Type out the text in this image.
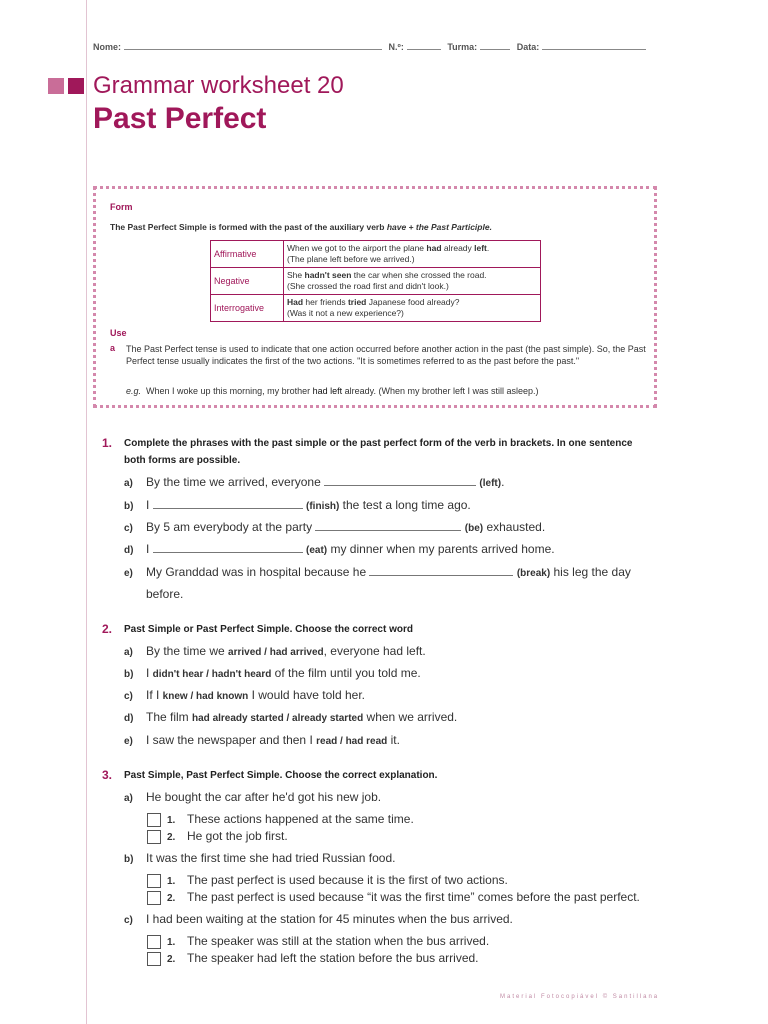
Nome:	N.º:	Turma:	Data:
Grammar worksheet 20
Past Perfect
Form
The Past Perfect Simple is formed with the past of the auxiliary verb have + the Past Participle.
Affirmative	When we got to the airport the plane had already left.
(The plane left before we arrived.)
Negative	She hadn't seen the car when she crossed the road.
(She crossed the road first and didn't look.)
Interrogative	Had her friends tried Japanese food already?
(Was it not a new experience?)
Use
a The Past Perfect tense is used to indicate that one action occurred before another action in the past (the past simple). So, the Past Perfect tense usually indicates the first of the two actions. "It is sometimes referred to as the past before the past."
e.g. When I woke up this morning, my brother had left already. (When my brother left I was still asleep.)
1. Complete the phrases with the past simple or the past perfect form of the verb in brackets. In one sentence both forms are possible.
a) By the time we arrived, everyone	(left).
b) I	(finish) the test a long time ago.
c) By 5 am everybody at the party	(be) exhausted.
d) I	(eat) my dinner when my parents arrived home.
e) My Granddad was in hospital because he	(break) his leg the day
before.
2. Past Simple or Past Perfect Simple. Choose the correct word
a) By the time we arrived / had arrived, everyone had left.
b) I didn't hear / hadn't heard of the film until you told me.
c) If I knew / had known I would have told her.
d) The film had already started / already started when we arrived.
e) I saw the newspaper and then I read / had read it.
3. Past Simple, Past Perfect Simple. Choose the correct explanation.
a) He bought the car after he'd got his new job.
1. These actions happened at the same time.
2. He got the job first.
b) It was the first time she had tried Russian food.
1. The past perfect is used because it is the first of two actions.
2. The past perfect is used because “it was the first time” comes before the past perfect.
c) I had been waiting at the station for 45 minutes when the bus arrived.
1. The speaker was still at the station when the bus arrived.
2. The speaker had left the station before the bus arrived.
Material Fotocopiável © Santillana
